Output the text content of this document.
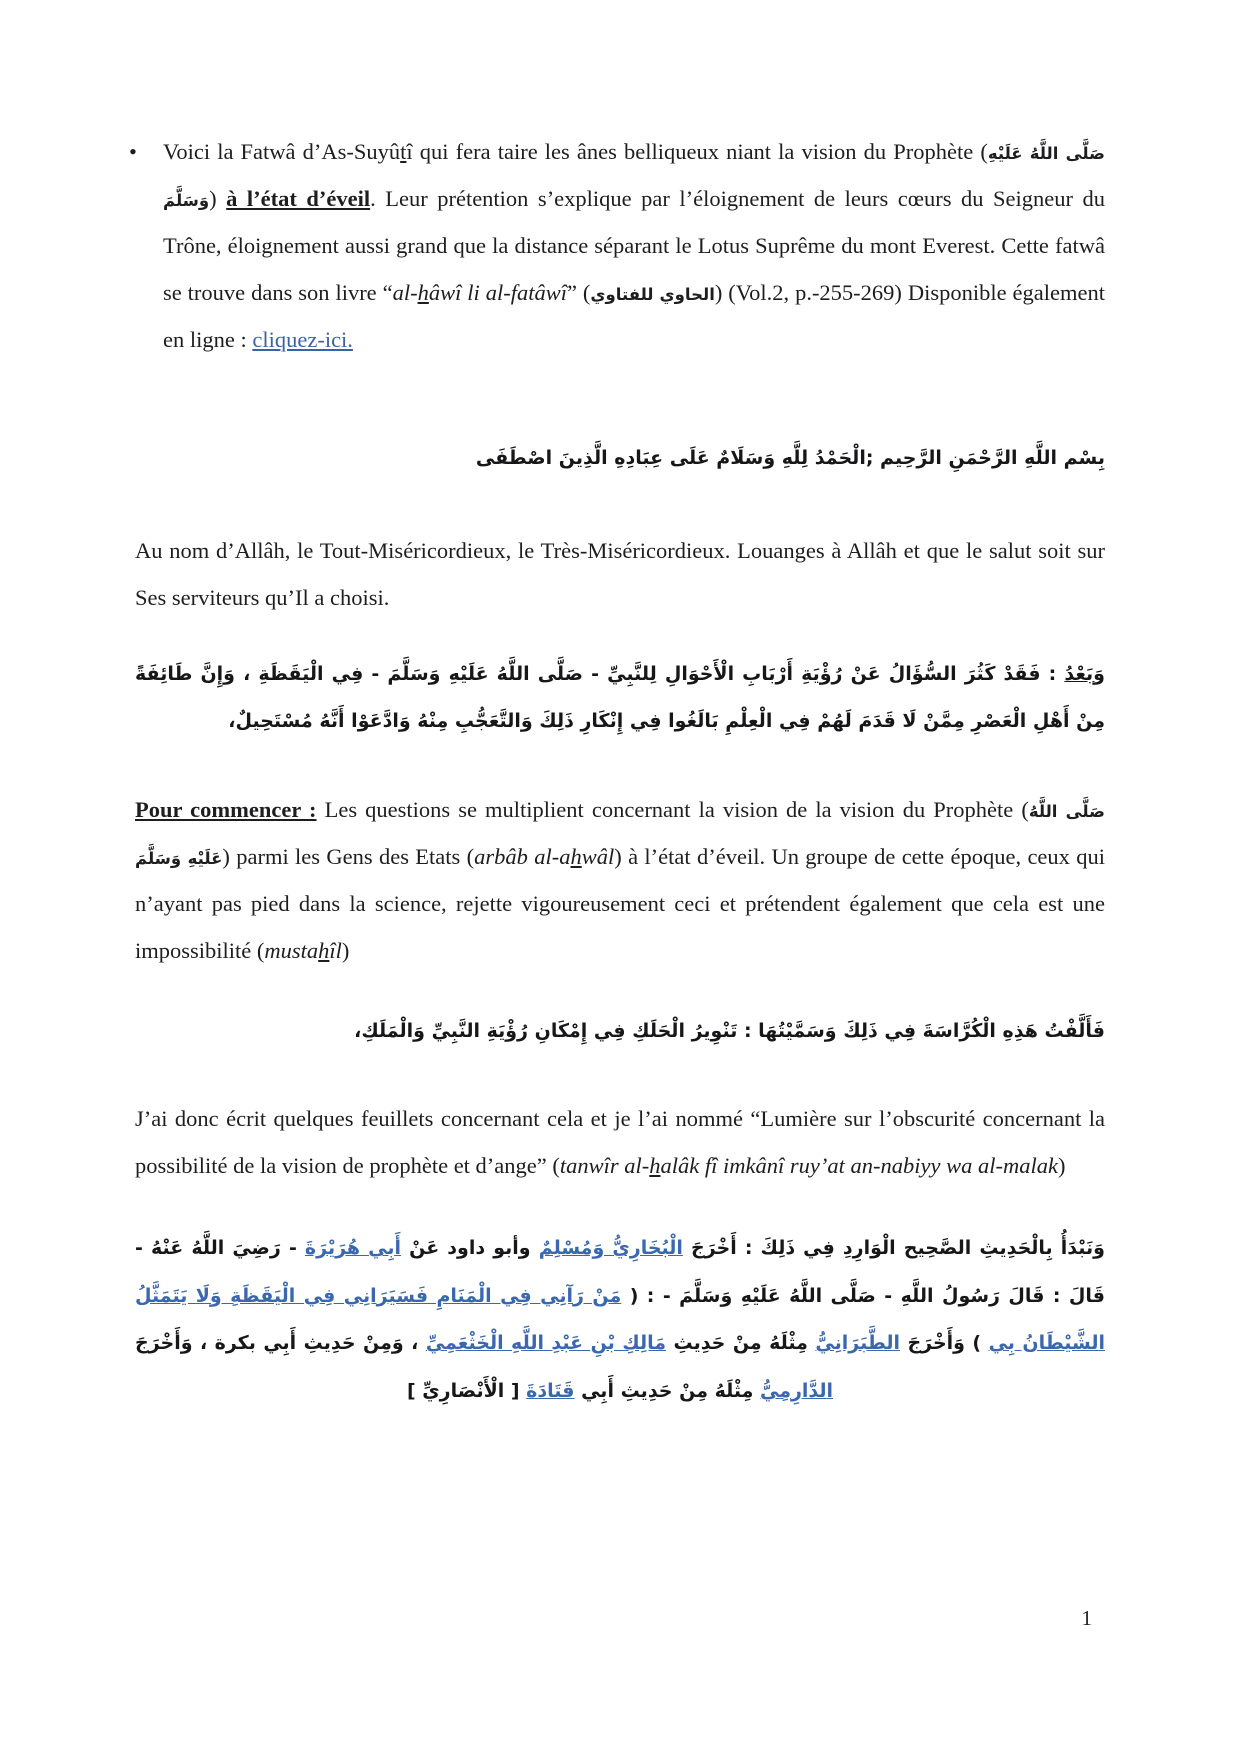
•	Voici la Fatwâ d’As-Suyûtî qui fera taire les ânes belliqueux niant la vision du Prophète (صَلَّى اللَّهُ عَلَيْهِ وَسَلَّمَ) à l’état d’éveil. Leur prétention s’explique par l’éloignement de leurs cœurs du Seigneur du Trône, éloignement aussi grand que la distance séparant le Lotus Suprême du mont Everest. Cette fatwâ se trouve dans son livre “al-hâwî li al-fatâwî” (الحاوي للفتاوي) (Vol.2, p.-255-269) Disponible également en ligne : cliquez-ici.

بِسْم اللَّهِ الرَّحْمَنِ الرَّحِيم ;الْحَمْدُ لِلَّهِ وَسَلَامٌ عَلَى عِبَادِهِ الَّذِينَ اصْطَفَى

Au nom d’Allâh, le Tout-Miséricordieux, le Très-Miséricordieux. Louanges à Allâh et que le salut soit sur Ses serviteurs qu’Il a choisi.

وَبَعْدُ : فَقَدْ كَثُرَ السُّؤَالُ عَنْ رُؤْيَةِ أَرْبَابِ الْأَحْوَالِ لِلنَّبِيِّ - صَلَّى اللَّهُ عَلَيْهِ وَسَلَّمَ - فِي الْيَقَظَةِ ، وَإِنَّ طَائِفَةً مِنْ أَهْلِ الْعَصْرِ مِمَّنْ لَا قَدَمَ لَهُمْ فِي الْعِلْمِ بَالَغُوا فِي إِنْكَارِ ذَلِكَ وَالتَّعَجُّبِ مِنْهُ وَادَّعَوْا أَنَّهُ مُسْتَحِيلٌ،

Pour commencer : Les questions se multiplient concernant la vision de la vision du Prophète (صَلَّى اللَّهُ عَلَيْهِ وَسَلَّمَ) parmi les Gens des Etats (arbâb al-ahwâl) à l’état d’éveil. Un groupe de cette époque, ceux qui n’ayant pas pied dans la science, rejette vigoureusement ceci et prétendent également que cela est une impossibilité (mustahîl)

فَأَلَّفْتُ هَذِهِ الْكُرَّاسَةَ فِي ذَلِكَ وَسَمَّيْتُهَا : تَنْوِيرُ الْحَلَكِ فِي إِمْكَانِ رُؤْيَةِ النَّبِيِّ وَالْمَلَكِ،

J’ai donc écrit quelques feuillets concernant cela et je l’ai nommé “Lumière sur l’obscurité concernant la possibilité de la vision de prophète et d’ange” (tanwîr al-halâk fî imkânî ruy’at an-nabiyy wa al-malak)

وَنَبْدَأُ بِالْحَدِيثِ الصَّحِيح الْوَارِدِ فِي ذَلِكَ : أَخْرَجَ الْبُخَارِيُّ وَمُسْلِمٌ وأبو داود عَنْ أَبِي هُرَيْرَةَ - رَضِيَ اللَّهُ عَنْهُ - قَالَ : قَالَ رَسُولُ اللَّهِ - صَلَّى اللَّهُ عَلَيْهِ وَسَلَّمَ - : ( مَنْ رَآنِي فِي الْمَنَامِ فَسَيَرَانِي فِي الْيَقَظَةِ وَلَا يَتَمَثَّلُ الشَّيْطَانُ بِي ) وَأَخْرَجَ الطَّبَرَانِيُّ مِثْلَهُ مِنْ حَدِيثِ مَالِكِ بْنِ عَبْدِ اللَّهِ الْخَثْعَمِيِّ ، وَمِنْ حَدِيثِ أَبِي بكرة ، وَأَخْرَجَ الدَّارِمِيُّ مِثْلَهُ مِنْ حَدِيثِ أَبِي قَتَادَةَ [ الْأَنْصَارِيِّ ]

1
